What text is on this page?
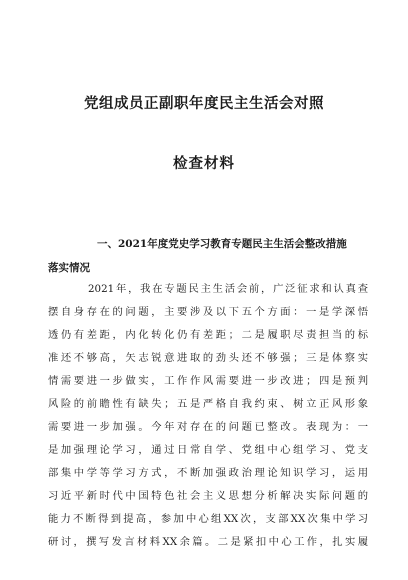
党组成员正副职年度民主生活会对照
检查材料
一、2021年度党史学习教育专题民主生活会整改措施
落实情况
2021年，我在专题民主生活会前，广泛征求和认真查
摆自身存在的问题，主要涉及以下五个方面：一是学深悟
透仍有差距，内化转化仍有差距；二是履职尽责担当的标
准还不够高，矢志锐意进取的劲头还不够强；三是体察实
情需要进一步做实，工作作风需要进一步改进；四是预判
风险的前瞻性有缺失；五是严格自我约束、树立正风形象
需要进一步加强。今年对存在的问题已整改。表现为：一
是加强理论学习，通过日常自学、党组中心组学习、党支
部集中学等学习方式，不断加强政治理论知识学习，运用
习近平新时代中国特色社会主义思想分析解决实际问题的
能力不断得到提高，参加中心组XX次，支部XX次集中学习
研讨，撰写发言材料XX余篇。二是紧扣中心工作，扎实履
